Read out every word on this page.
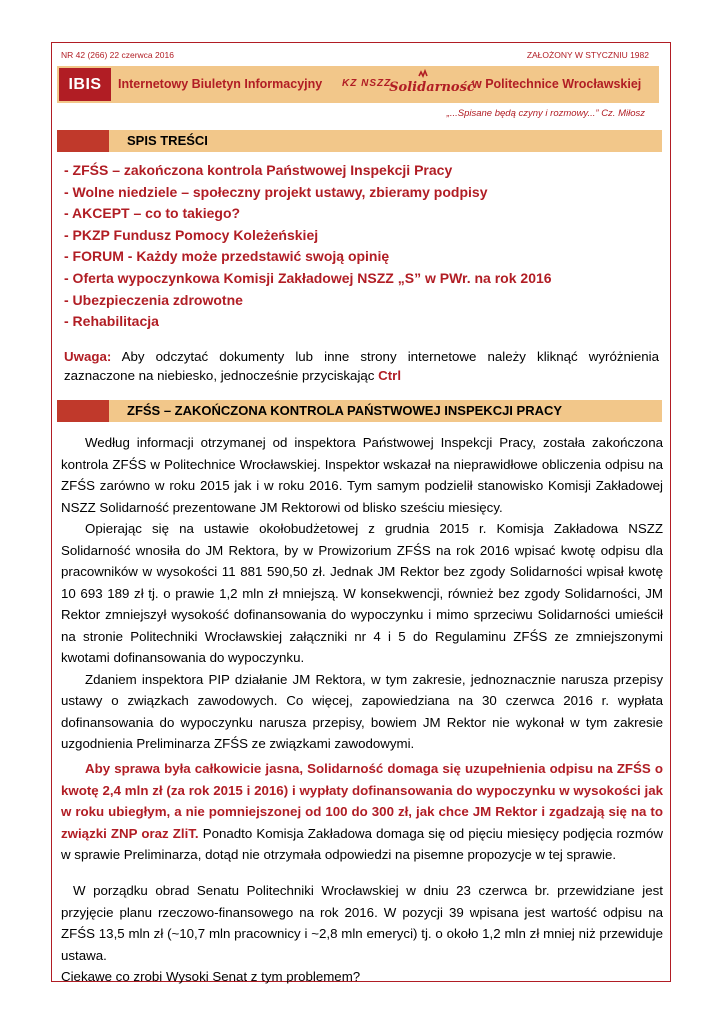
NR 42 (266) 22 czerwca 2016	ZAŁOŻONY W STYCZNIU 1982
IBIS	Internetowy Biuletyn Informacyjny KZ NSZZ
Solidarność
w Politechnice Wrocławskiej
„...Spisane będą czyny i rozmowy...” Cz. Miłosz
SPIS TREŚCI
- ZFŚS – zakończona kontrola Państwowej Inspekcji Pracy
- Wolne niedziele – społeczny projekt ustawy, zbieramy podpisy
- AKCEPT – co to takiego?
- PKZP Fundusz Pomocy Koleżeńskiej
- FORUM - Każdy może przedstawić swoją opinię
- Oferta wypoczynkowa Komisji Zakładowej NSZZ „S” w PWr. na rok 2016
- Ubezpieczenia zdrowotne
- Rehabilitacja
Uwaga: Aby odczytać dokumenty lub inne strony internetowe należy kliknąć wyróżnienia zaznaczone na niebiesko, jednocześnie przyciskając Ctrl
ZFŚS – ZAKOŃCZONA KONTROLA PAŃSTWOWEJ INSPEKCJI PRACY

Według informacji otrzymanej od inspektora Państwowej Inspekcji Pracy, została zakończona kontrola ZFŚS w Politechnice Wrocławskiej. Inspektor wskazał na nieprawidłowe obliczenia odpisu na ZFŚS zarówno w roku 2015 jak i w roku 2016. Tym samym podzielił stanowisko Komisji Zakładowej NSZZ Solidarność prezentowane JM Rektorowi od blisko sześciu miesięcy.

Opierając się na ustawie okołobudżetowej z grudnia 2015 r. Komisja Zakładowa NSZZ Solidarność wnosiła do JM Rektora, by w Prowizorium ZFŚS na rok 2016 wpisać kwotę odpisu dla pracowników w wysokości 11 881 590,50 zł. Jednak JM Rektor bez zgody Solidarności wpisał kwotę 10 693 189 zł tj. o prawie 1,2 mln zł mniejszą. W konsekwencji, również bez zgody Solidarności, JM Rektor zmniejszył wysokość dofinansowania do wypoczynku i mimo sprzeciwu Solidarności umieścił na stronie Politechniki Wrocławskiej załączniki nr 4 i 5 do Regulaminu ZFŚS ze zmniejszonymi kwotami dofinansowania do wypoczynku.

Zdaniem inspektora PIP działanie JM Rektora, w tym zakresie, jednoznacznie narusza przepisy ustawy o związkach zawodowych. Co więcej, zapowiedziana na 30 czerwca 2016 r. wypłata dofinansowania do wypoczynku narusza przepisy, bowiem JM Rektor nie wykonał w tym zakresie uzgodnienia Preliminarza ZFŚS ze związkami zawodowymi.

Aby sprawa była całkowicie jasna, Solidarność domaga się uzupełnienia odpisu na ZFŚS o kwotę 2,4 mln zł (za rok 2015 i 2016) i wypłaty dofinansowania do wypoczynku w wysokości jak w roku ubiegłym, a nie pomniejszonej od 100 do 300 zł, jak chce JM Rektor i zgadzają się na to związki ZNP oraz ZliT. Ponadto Komisja Zakładowa domaga się od pięciu miesięcy podjęcia rozmów w sprawie Preliminarza, dotąd nie otrzymała odpowiedzi na pisemne propozycje w tej sprawie.

W porządku obrad Senatu Politechniki Wrocławskiej w dniu 23 czerwca br. przewidziane jest przyjęcie planu rzeczowo-finansowego na rok 2016. W pozycji 39 wpisana jest wartość odpisu na ZFŚS 13,5 mln zł (~10,7 mln pracownicy i ~2,8 mln emeryci) tj. o około 1,2 mln zł mniej niż przewiduje ustawa.

Ciekawe co zrobi Wysoki Senat z tym problemem?
